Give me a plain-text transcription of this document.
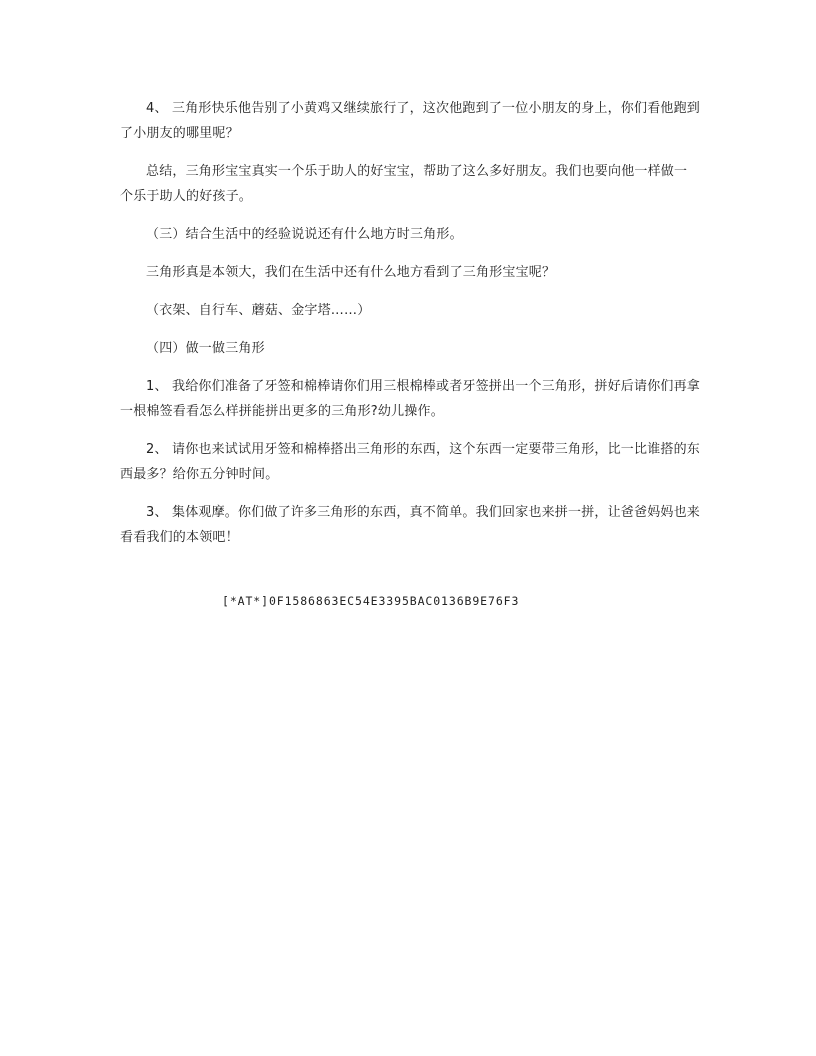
4、 三角形快乐他告别了小黄鸡又继续旅行了，这次他跑到了一位小朋友的身上，你们看他跑到了小朋友的哪里呢？

总结，三角形宝宝真实一个乐于助人的好宝宝，帮助了这么多好朋友。我们也要向他一样做一个乐于助人的好孩子。

（三）结合生活中的经验说说还有什么地方时三角形。

三角形真是本领大，我们在生活中还有什么地方看到了三角形宝宝呢？

（衣架、自行车、蘑菇、金字塔……）

（四）做一做三角形

1、 我给你们准备了牙签和棉棒请你们用三根棉棒或者牙签拼出一个三角形，拼好后请你们再拿一根棉签看看怎么样拼能拼出更多的三角形?幼儿操作。

2、 请你也来试试用牙签和棉棒搭出三角形的东西，这个东西一定要带三角形，比一比谁搭的东西最多？给你五分钟时间。

3、 集体观摩。你们做了许多三角形的东西，真不简单。我们回家也来拼一拼，让爸爸妈妈也来看看我们的本领吧！

[*AT*]0F1586863EC54E3395BAC0136B9E76F3
